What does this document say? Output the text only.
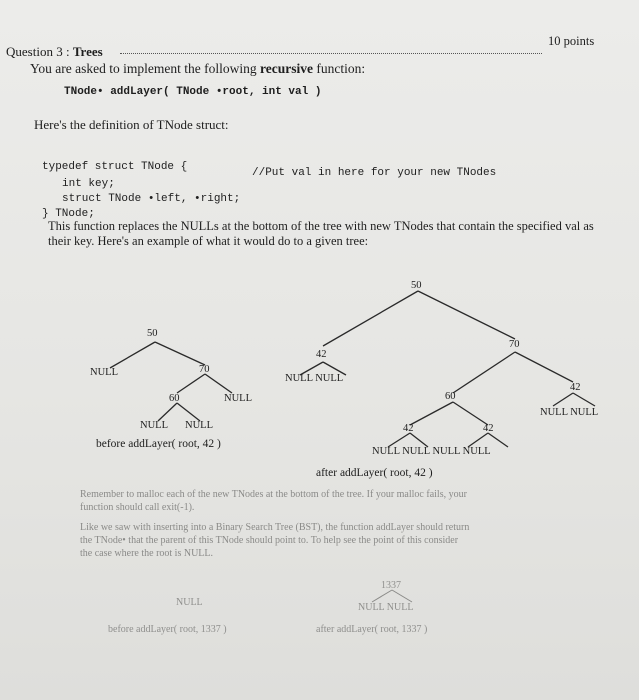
Question 3 : Trees
10 points
You are asked to implement the following recursive function:
TNode• addLayer( TNode •root, int val )
Here's the definition of TNode struct:
typedef struct TNode {
int key;
struct TNode •left, •right;
} TNode;
//Put val in here for your new TNodes
This function replaces the NULLs at the bottom of the tree with new TNodes that contain the specified val as their key. Here's an example of what it would do to a given tree:
50
NULL	70
60	NULL
NULL NULL
before addLayer( root, 42 )
50
42
NULL NULL
70
60
42
NULL NULL
42	42
NULL NULL NULL NULL
after addLayer( root, 42 )
Remember to malloc each of the new TNodes at the bottom of the tree. If your malloc fails, your
function should call exit(-1).
Like we saw with inserting into a Binary Search Tree (BST), the function addLayer should return
the TNode• that the parent of this TNode should point to. To help see the point of this consider
the case where the root is NULL.
NULL
before addLayer( root, 1337 )
1337
NULL NULL
after addLayer( root, 1337 )
